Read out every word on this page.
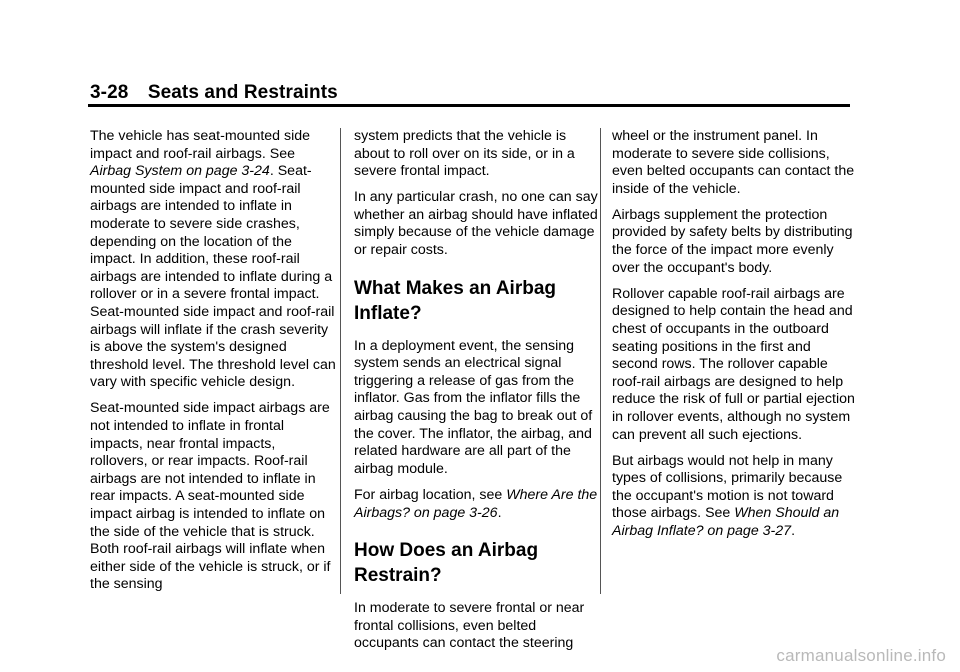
3-28 Seats and Restraints

The vehicle has seat-mounted side impact and roof-rail airbags. See Airbag System on page 3-24. Seat-mounted side impact and roof-rail airbags are intended to inflate in moderate to severe side crashes, depending on the location of the impact. In addition, these roof-rail airbags are intended to inflate during a rollover or in a severe frontal impact. Seat-mounted side impact and roof-rail airbags will inflate if the crash severity is above the system's designed threshold level. The threshold level can vary with specific vehicle design.

Seat-mounted side impact airbags are not intended to inflate in frontal impacts, near frontal impacts, rollovers, or rear impacts. Roof-rail airbags are not intended to inflate in rear impacts. A seat-mounted side impact airbag is intended to inflate on the side of the vehicle that is struck. Both roof-rail airbags will inflate when either side of the vehicle is struck, or if the sensing

system predicts that the vehicle is about to roll over on its side, or in a severe frontal impact.

In any particular crash, no one can say whether an airbag should have inflated simply because of the vehicle damage or repair costs.

What Makes an Airbag Inflate?

In a deployment event, the sensing system sends an electrical signal triggering a release of gas from the inflator. Gas from the inflator fills the airbag causing the bag to break out of the cover. The inflator, the airbag, and related hardware are all part of the airbag module.

For airbag location, see Where Are the Airbags? on page 3-26.

How Does an Airbag Restrain?

In moderate to severe frontal or near frontal collisions, even belted occupants can contact the steering

wheel or the instrument panel. In moderate to severe side collisions, even belted occupants can contact the inside of the vehicle.

Airbags supplement the protection provided by safety belts by distributing the force of the impact more evenly over the occupant's body.

Rollover capable roof-rail airbags are designed to help contain the head and chest of occupants in the outboard seating positions in the first and second rows. The rollover capable roof-rail airbags are designed to help reduce the risk of full or partial ejection in rollover events, although no system can prevent all such ejections.

But airbags would not help in many types of collisions, primarily because the occupant's motion is not toward those airbags. See When Should an Airbag Inflate? on page 3-27.

carmanualsonline.info
